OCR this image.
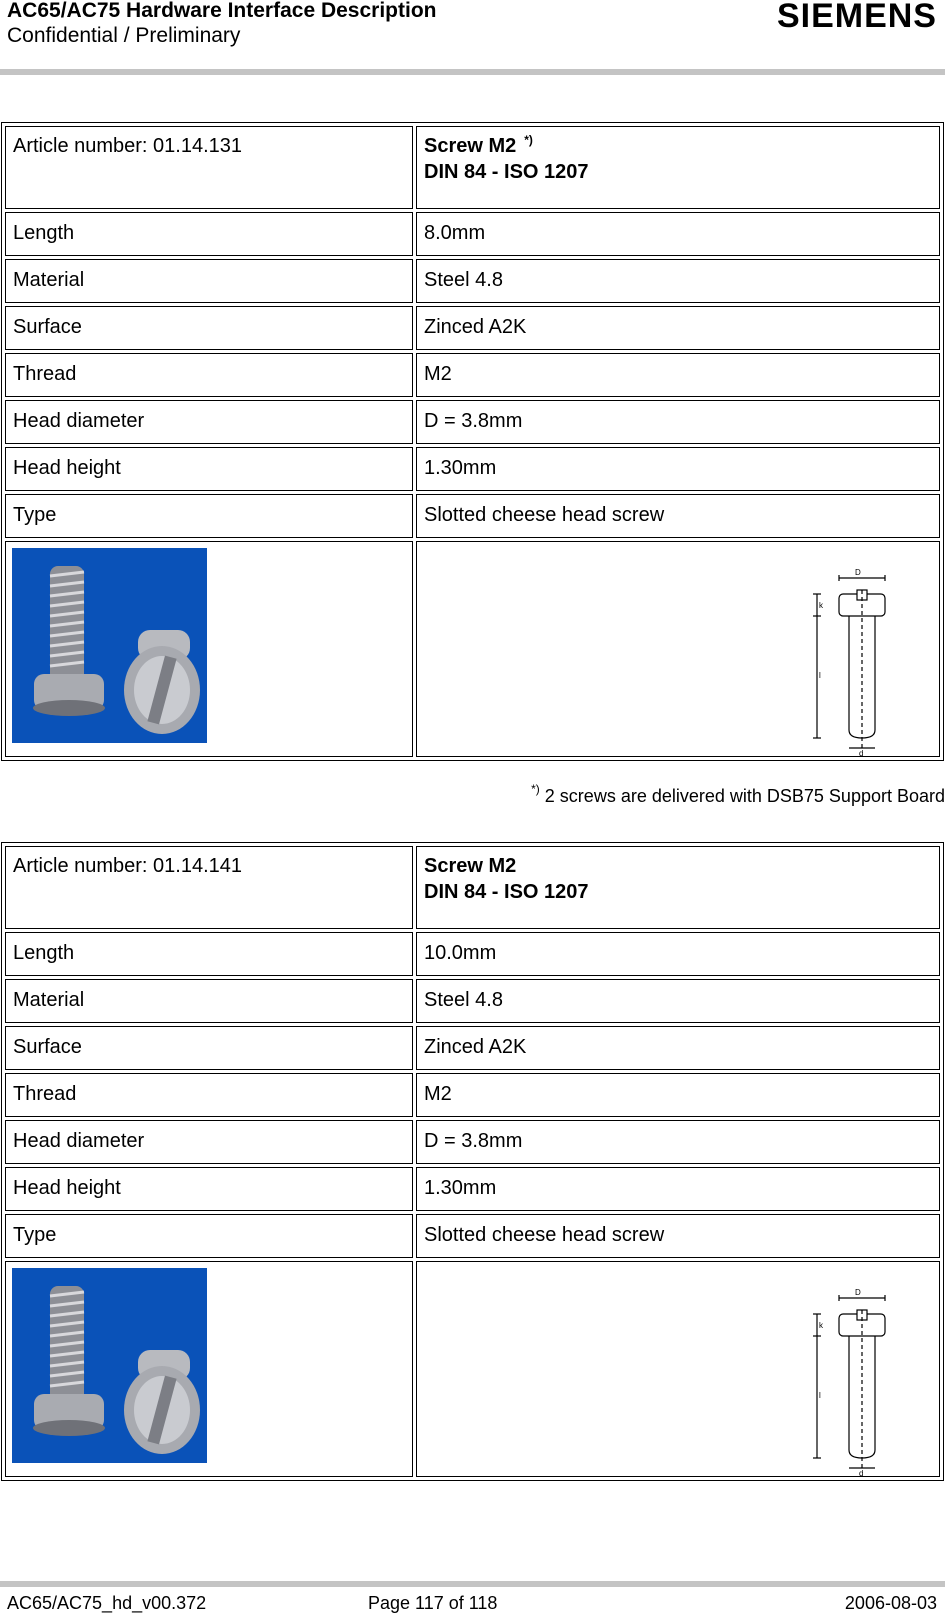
AC65/AC75 Hardware Interface Description
Confidential / Preliminary
SIEMENS
Article number: 01.14.131	Screw M2 *)
DIN 84 - ISO 1207
Length	8.0mm
Material	Steel 4.8
Surface	Zinced A2K
Thread	M2
Head diameter	D = 3.8mm
Head height	1.30mm
Type	Slotted cheese head screw

D
k
l
d
*) 2 screws are delivered with DSB75 Support Board
Article number: 01.14.141	Screw M2
DIN 84 - ISO 1207
Length	10.0mm
Material	Steel 4.8
Surface	Zinced A2K
Thread	M2
Head diameter	D = 3.8mm
Head height	1.30mm
Type	Slotted cheese head screw

D
k
l
d
AC65/AC75_hd_v00.372	Page 117 of 118	2006-08-03
